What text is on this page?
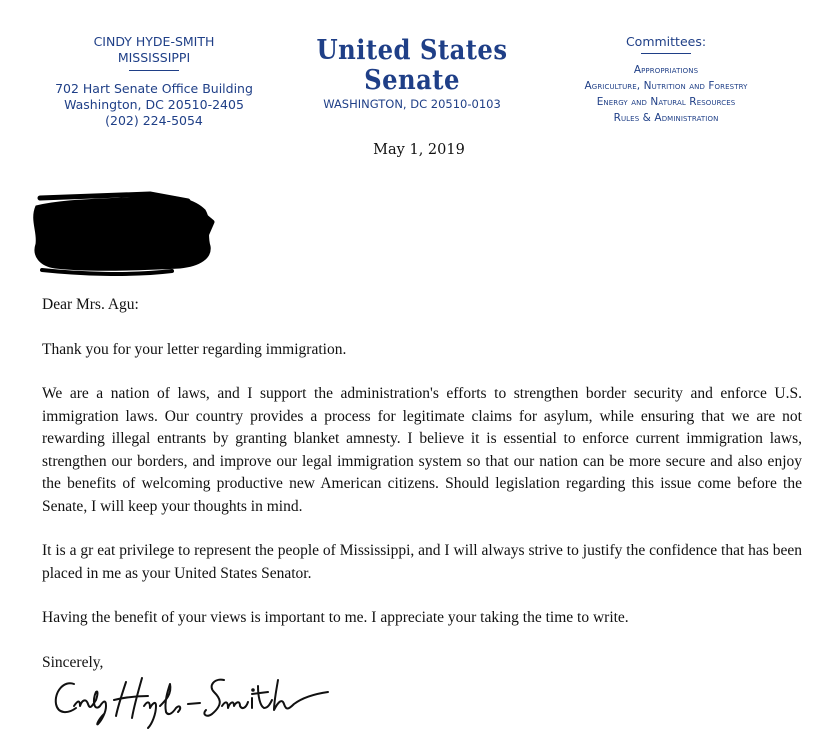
CINDY HYDE-SMITH
MISSISSIPPI
702 Hart Senate Office Building
Washington, DC 20510-2405
(202) 224-5054
United States Senate
WASHINGTON, DC 20510-0103
Committees:
Appropriations
Agriculture, Nutrition and Forestry
Energy and Natural Resources
Rules & Administration
May 1, 2019

Dear Mrs. Agu:

Thank you for your letter regarding immigration.

We are a nation of laws, and I support the administration's efforts to strengthen border security and enforce U.S. immigration laws. Our country provides a process for legitimate claims for asylum, while ensuring that we are not rewarding illegal entrants by granting blanket amnesty. I believe it is essential to enforce current immigration laws, strengthen our borders, and improve our legal immigration system so that our nation can be more secure and also enjoy the benefits of welcoming productive new American citizens. Should legislation regarding this issue come before the Senate, I will keep your thoughts in mind.

It is a gr eat privilege to represent the people of Mississippi, and I will always strive to justify the confidence that has been placed in me as your United States Senator.

Having the benefit of your views is important to me. I appreciate your taking the time to write.

Sincerely,
